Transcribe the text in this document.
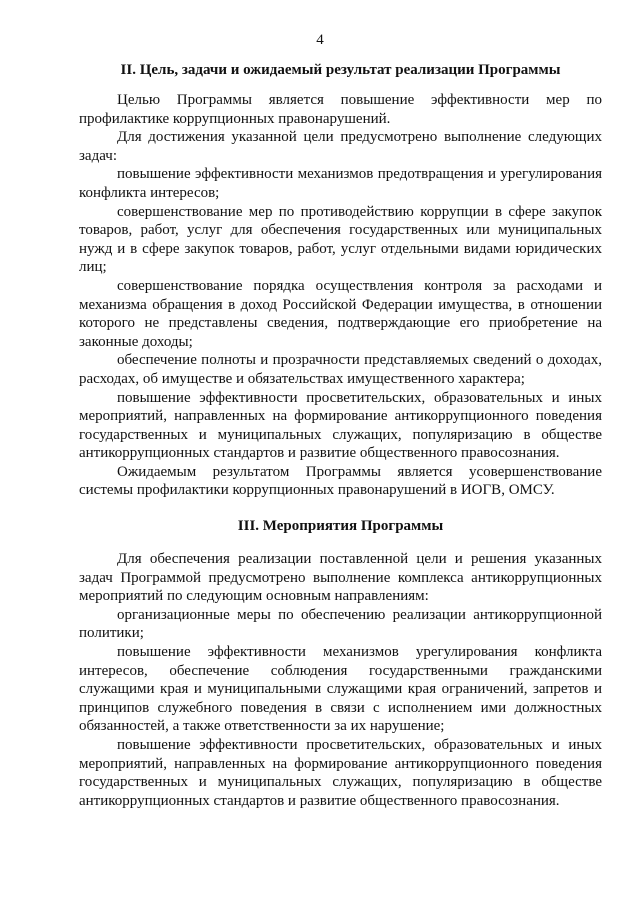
4
II. Цель, задачи и ожидаемый результат реализации Программы

Целью Программы является повышение эффективности мер по профилактике коррупционных правонарушений.

Для достижения указанной цели предусмотрено выполнение следующих задач:

повышение эффективности механизмов предотвращения и урегулирования конфликта интересов;

совершенствование мер по противодействию коррупции в сфере закупок товаров, работ, услуг для обеспечения государственных или муниципальных нужд и в сфере закупок товаров, работ, услуг отдельными видами юридических лиц;

совершенствование порядка осуществления контроля за расходами и механизма обращения в доход Российской Федерации имущества, в отношении которого не представлены сведения, подтверждающие его приобретение на законные доходы;

обеспечение полноты и прозрачности представляемых сведений о доходах, расходах, об имуществе и обязательствах имущественного характера;

повышение эффективности просветительских, образовательных и иных мероприятий, направленных на формирование антикоррупционного поведения государственных и муниципальных служащих, популяризацию в обществе антикоррупционных стандартов и развитие общественного правосознания.

Ожидаемым результатом Программы является усовершенствование системы профилактики коррупционных правонарушений в ИОГВ, ОМСУ.

III. Мероприятия Программы

Для обеспечения реализации поставленной цели и решения указанных задач Программой предусмотрено выполнение комплекса антикоррупционных мероприятий по следующим основным направлениям:

организационные меры по обеспечению реализации антикоррупционной политики;

повышение эффективности механизмов урегулирования конфликта интересов, обеспечение соблюдения государственными гражданскими служащими края и муниципальными служащими края ограничений, запретов и принципов служебного поведения в связи с исполнением ими должностных обязанностей, а также ответственности за их нарушение;

повышение эффективности просветительских, образовательных и иных мероприятий, направленных на формирование антикоррупционного поведения государственных и муниципальных служащих, популяризацию в обществе антикоррупционных стандартов и развитие общественного правосознания.
